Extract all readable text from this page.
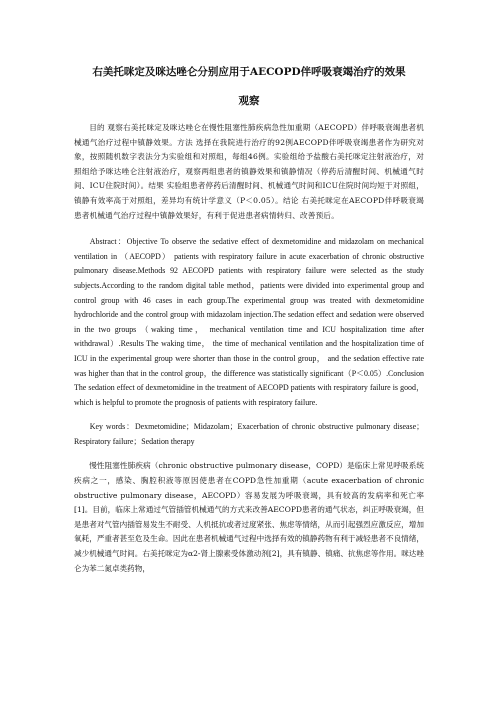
右美托咪定及咪达唑仑分别应用于AECOPD伴呼吸衰竭治疗的效果
观察

目的 观察右美托咪定及咪达唑仑在慢性阻塞性肺疾病急性加重期（AECOPD）伴呼吸衰竭患者机械通气治疗过程中镇静效果。方法 选择在我院进行治疗的92例AECOPD伴呼吸衰竭患者作为研究对象，按照随机数字表法分为实验组和对照组，每组46例。实验组给予盐酸右美托咪定注射液治疗，对照组给予咪达唑仑注射液治疗，观察两组患者的镇静效果和镇静情况（停药后清醒时间、机械通气时间、ICU住院时间）。结果 实验组患者停药后清醒时间、机械通气时间和ICU住院时间均短于对照组，镇静有效率高于对照组，差异均有统计学意义（P＜0.05）。结论 右美托咪定在AECOPD伴呼吸衰竭患者机械通气治疗过程中镇静效果好，有利于促进患者病情转归、改善预后。

Abstract：Objective To observe the sedative effect of dexmetomidine and midazolam on mechanical ventilation in （AECOPD） patients with respiratory failure in acute exacerbation of chronic obstructive pulmonary disease.Methods 92 AECOPD patients with respiratory failure were selected as the study subjects.According to the random digital table method，patients were divided into experimental group and control group with 46 cases in each group.The experimental group was treated with dexmetomidine hydrochloride and the control group with midazolam injection.The sedation effect and sedation were observed in the two groups （waking time， mechanical ventilation time and ICU hospitalization time after withdrawal）.Results The waking time， the time of mechanical ventilation and the hospitalization time of ICU in the experimental group were shorter than those in the control group， and the sedation effective rate was higher than that in the control group，the difference was statistically significant（P＜0.05）.Conclusion The sedation effect of dexmetomidine in the treatment of AECOPD patients with respiratory failure is good， which is helpful to promote the prognosis of patients with respiratory failure.

Key words：Dexmetomidine；Midazolam；Exacerbation of chronic obstructive pulmonary disease； Respiratory failure；Sedation therapy

慢性阻塞性肺疾病（chronic obstructive pulmonary disease，COPD）是临床上常见呼吸系统疾病之一，感染、胸腔积液等原因使患者在COPD急性加重期（acute exacerbation of chronic obstructive pulmonary disease，AECOPD）容易发展为呼吸衰竭，具有较高的发病率和死亡率[1]。目前，临床上常通过气管插管机械通气的方式来改善AECOPD患者的通气状态，纠正呼吸衰竭，但是患者对气管内插管易发生不耐受、人机抵抗或者过度紧张、焦虑等情绪，从而引起强烈应激反应，增加氧耗，严重者甚至危及生命。因此在患者机械通气过程中选择有效的镇静药物有利于减轻患者不良情绪，减少机械通气时间。右美托咪定为α2-肾上腺素受体激动剂[2]，具有镇静、镇痛、抗焦虑等作用。咪达唑仑为苯二氮卓类药物，
